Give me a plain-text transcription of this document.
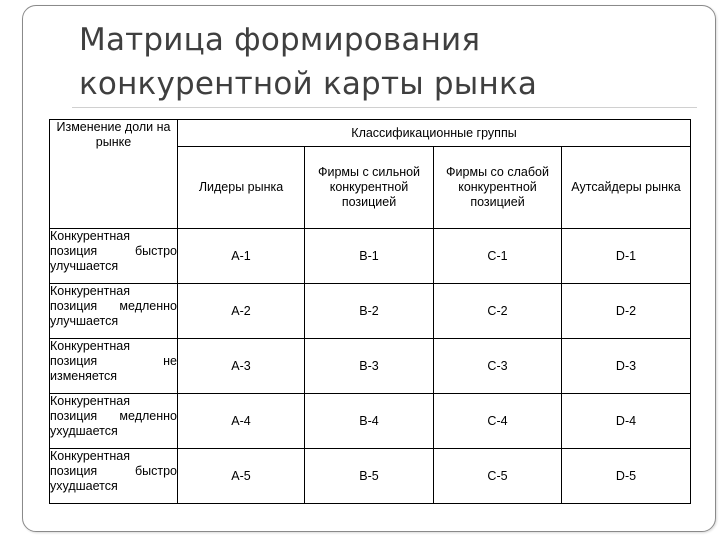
Матрица формирования
конкурентной карты рынка
Изменение доли на рынке	Классификационные группы			
	Лидеры рынка	Фирмы с сильной конкурентной позицией	Фирмы со слабой конкурентной позицией	Аутсайдеры рынка
Конкурентная позиция быстро улучшается	А-1	В-1	С-1	D-1
Конкурентная позиция медленно улучшается	А-2	В-2	С-2	D-2
Конкурентная позиция не изменяется	А-3	В-3	С-3	D-3
Конкурентная позиция медленно ухудшается	А-4	В-4	С-4	D-4
Конкурентная позиция быстро ухудшается	А-5	В-5	С-5	D-5
